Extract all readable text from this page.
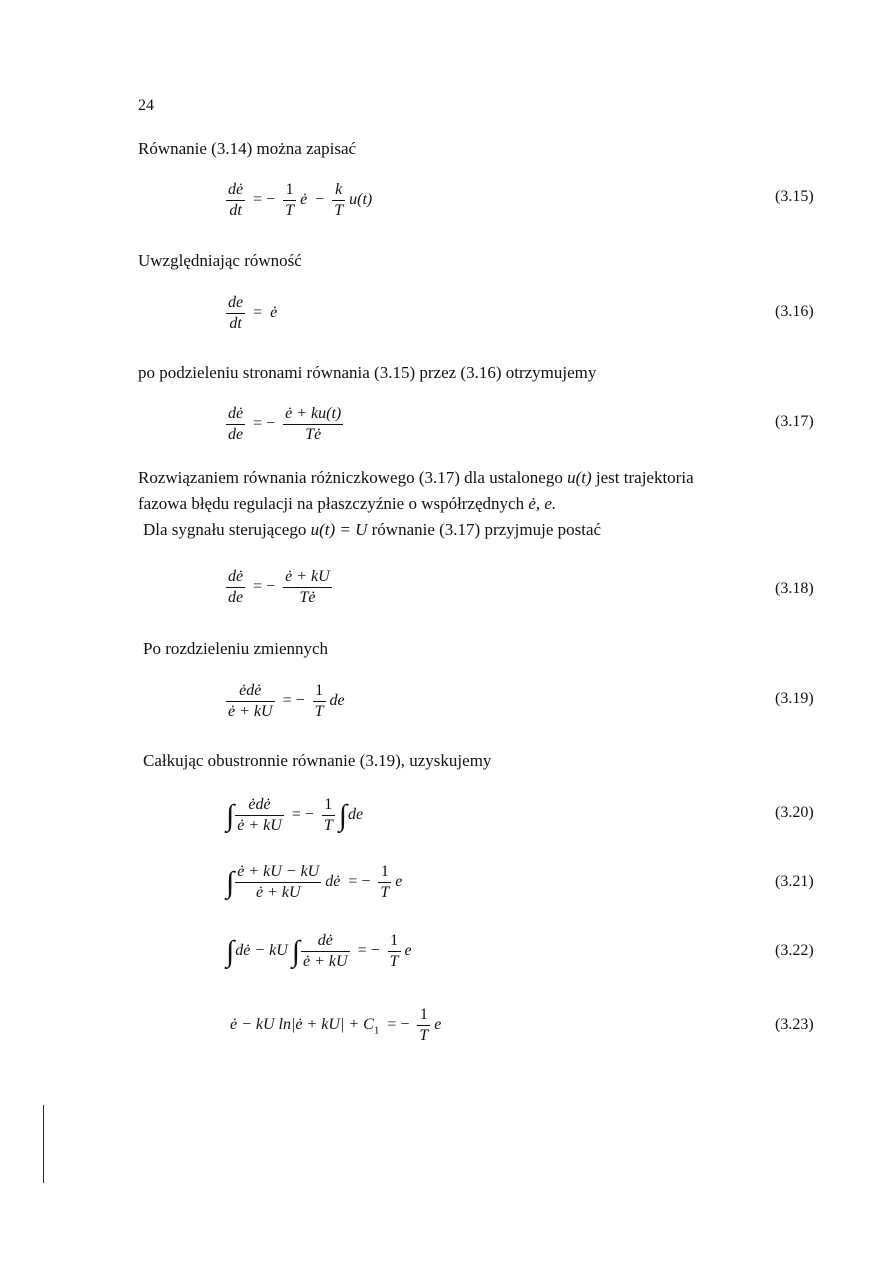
24
Równanie (3.14) można zapisać
$\frac{dė}{dt}$ = − $\frac{1}{T}$ ė − $\frac{k}{T} u(t)$	(3.15)
Uwzględniając równość
$\frac{de}{dt}$ = ė	(3.16)
po podzieleniu stronami równania (3.15) przez (3.16) otrzymujemy
$\frac{dė}{de}$ = − $\frac{ė + ku(t)}{Tė}$	(3.17)
Rozwiązaniem równania różniczkowego (3.17) dla ustalonego u(t) jest trajektoria
fazowa błędu regulacji na płaszczyźnie o współrzędnych ė, e.
Dla sygnału sterującego u(t) = U równanie (3.17) przyjmuje postać
$\frac{dė}{de}$ = − $\frac{ė + kU}{Tė}$	(3.18)
Po rozdzieleniu zmiennych
$\frac{\text{ėdė}}{ė + kU}$ = − $\frac{1}{T}$ de	(3.19)
Całkując obustronnie równanie (3.19), uzyskujemy
∫ $\frac{\text{ėdė}}{ė + kU}$ = − $\frac{1}{T} \int de$	(3.20)
∫ $\frac{ė + kU - kU}{ė + kU}$ dė = − $\frac{1}{T}$ e	(3.21)
∫dė − kU ∫ $\frac{dė}{ė + kU}$ = − $\frac{1}{T}$ e	(3.22)
ė − kU ln|ė + $kU| + C_1$ = − $\frac{1}{T}$ e	(3.23)
